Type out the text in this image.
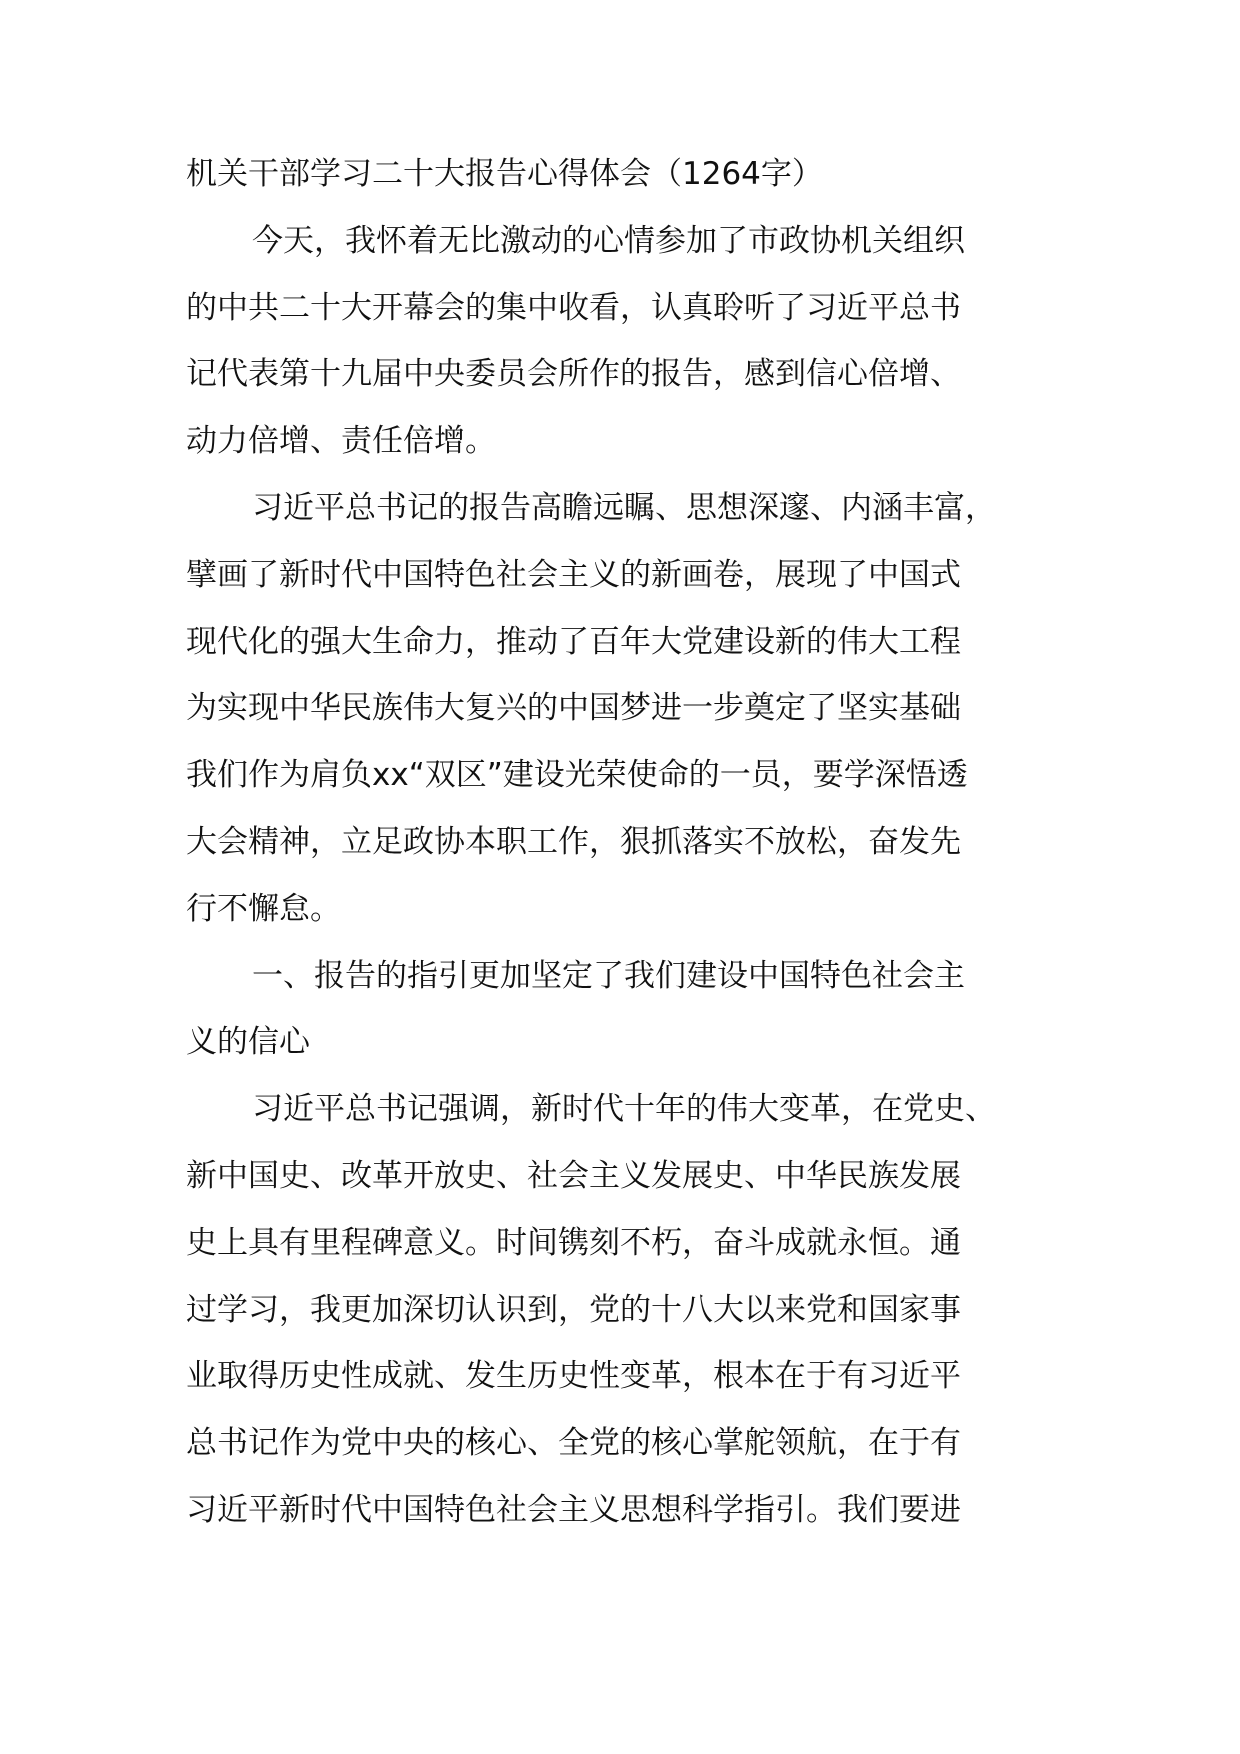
机关干部学习二十大报告心得体会（1264字）
今天，我怀着无比激动的心情参加了市政协机关组织
的中共二十大开幕会的集中收看，认真聆听了习近平总书
记代表第十九届中央委员会所作的报告，感到信心倍增、
动力倍增、责任倍增。
习近平总书记的报告高瞻远瞩、思想深邃、内涵丰富，
擘画了新时代中国特色社会主义的新画卷，展现了中国式
现代化的强大生命力，推动了百年大党建设新的伟大工程
为实现中华民族伟大复兴的中国梦进一步奠定了坚实基础
我们作为肩负xx“双区”建设光荣使命的一员，要学深悟透
大会精神，立足政协本职工作，狠抓落实不放松，奋发先
行不懈怠。
一、报告的指引更加坚定了我们建设中国特色社会主
义的信心
习近平总书记强调，新时代十年的伟大变革，在党史、
新中国史、改革开放史、社会主义发展史、中华民族发展
史上具有里程碑意义。时间镌刻不朽，奋斗成就永恒。通
过学习，我更加深切认识到，党的十八大以来党和国家事
业取得历史性成就、发生历史性变革，根本在于有习近平
总书记作为党中央的核心、全党的核心掌舵领航，在于有
习近平新时代中国特色社会主义思想科学指引。我们要进
